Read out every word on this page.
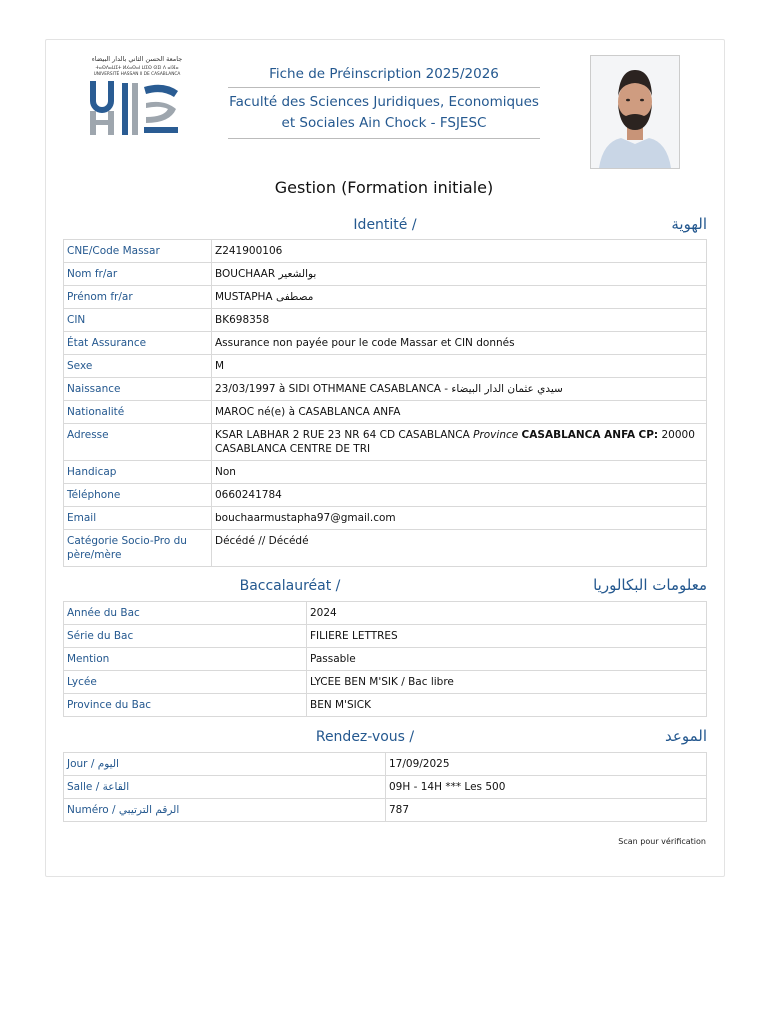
جامعة الحسن الثاني بالدار البيضاء
ⵜⴰⵙⴷⴰⵡⵉⵜ ⵍⵃⴰⵙⴰⵏ ⵡⵉⵙ ⵙⵉⵏ ⴷ ⴰⵏⴼⴰ
UNIVERSITÉ HASSAN II DE CASABLANCA	Fiche de Préinscription 2025/2026
Faculté des Sciences Juridiques, Economiques et Sociales Ain Chock - FSJESC
Gestion (Formation initiale)
Identité /	الهوية
CNE/Code Massar	Z241900106
Nom fr/ar	BOUCHAAR بوالشعير
Prénom fr/ar	MUSTAPHA مصطفى
CIN	BK698358
État Assurance	Assurance non payée pour le code Massar et CIN donnés
Sexe	M
Naissance	23/03/1997 à SIDI OTHMANE CASABLANCA - سيدي عثمان الدار البيضاء
Nationalité	MAROC né(e) à CASABLANCA ANFA
Adresse	KSAR LABHAR 2 RUE 23 NR 64 CD CASABLANCA Province CASABLANCA ANFA CP: 20000 CASABLANCA CENTRE DE TRI
Handicap	Non
Téléphone	0660241784
Email	bouchaarmustapha97@gmail.com
Catégorie Socio-Pro du père/mère	Décédé // Décédé
Baccalauréat /	معلومات البكالوريا
Année du Bac	2024
Série du Bac	FILIERE LETTRES
Mention	Passable
Lycée	LYCEE BEN M'SIK / Bac libre
Province du Bac	BEN M'SICK
Rendez-vous /	الموعد
Jour / اليوم	17/09/2025
Salle / القاعة	09H - 14H *** Les 500
Numéro / الرقم الترتيبي	787
Scan pour vérification
